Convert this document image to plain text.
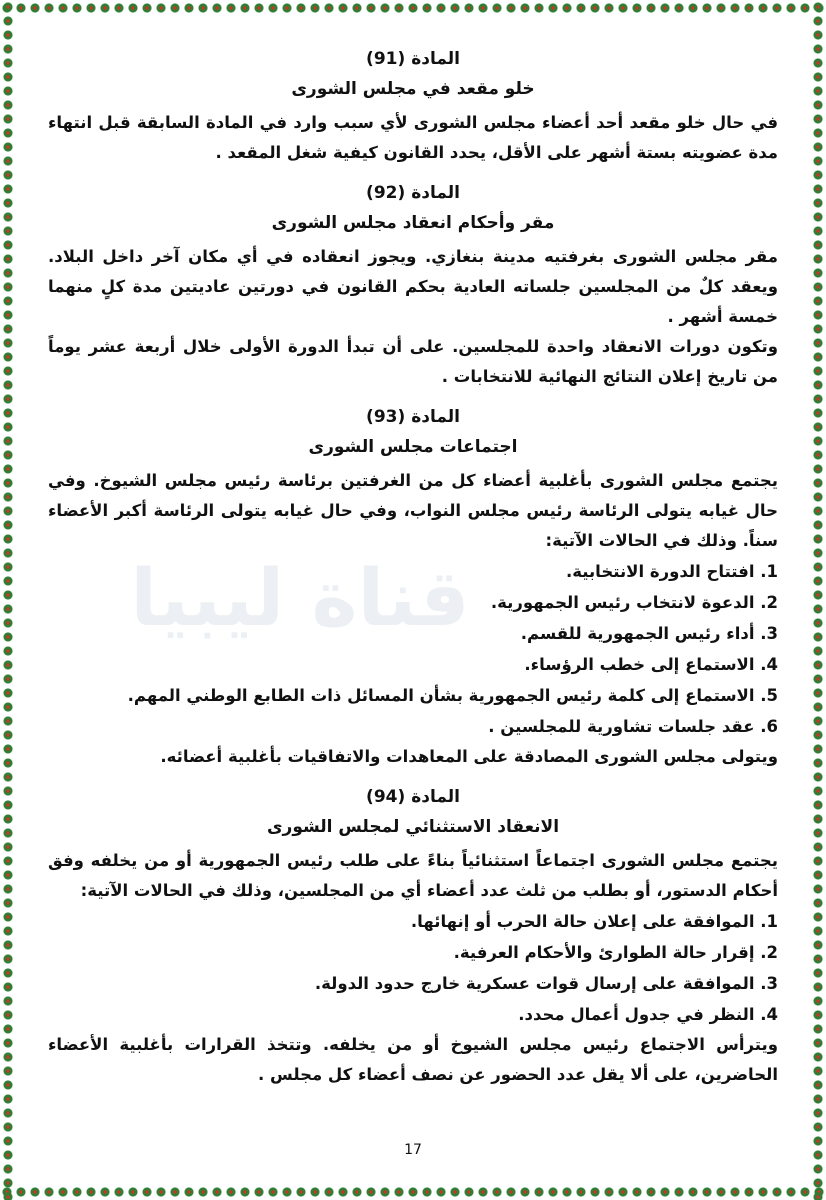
قناة ليبيا
المادة (91)
خلو مقعد في مجلس الشورى

في حال خلو مقعد أحد أعضاء مجلس الشورى لأي سبب وارد في المادة السابقة قبل انتهاء مدة عضويته بستة أشهر على الأقل، يحدد القانون كيفية شغل المقعد .

المادة (92)
مقر وأحكام انعقاد مجلس الشورى

مقر مجلس الشورى بغرفتيه مدينة بنغازي. ويجوز انعقاده في أي مكان آخر داخل البلاد. ويعقد كلٌ من المجلسين جلساته العادية بحكم القانون في دورتين عاديتين مدة كلٍ منهما خمسة أشهر .

وتكون دورات الانعقاد واحدة للمجلسين. على أن تبدأ الدورة الأولى خلال أربعة عشر يوماً من تاريخ إعلان النتائج النهائية للانتخابات .

المادة (93)
اجتماعات مجلس الشورى

يجتمع مجلس الشورى بأغلبية أعضاء كل من الغرفتين برئاسة رئيس مجلس الشيوخ. وفي حال غيابه يتولى الرئاسة رئيس مجلس النواب، وفي حال غيابه يتولى الرئاسة أكبر الأعضاء سناً. وذلك في الحالات الآتية:

1. افتتاح الدورة الانتخابية.
2. الدعوة لانتخاب رئيس الجمهورية.
3. أداء رئيس الجمهورية للقسم.
4. الاستماع إلى خطب الرؤساء.
5. الاستماع إلى كلمة رئيس الجمهورية بشأن المسائل ذات الطابع الوطني المهم.
6. عقد جلسات تشاورية للمجلسين .

ويتولى مجلس الشورى المصادقة على المعاهدات والاتفاقيات بأغلبية أعضائه.

المادة (94)
الانعقاد الاستثنائي لمجلس الشورى

يجتمع مجلس الشورى اجتماعاً استثنائياً بناءً على طلب رئيس الجمهورية أو من يخلفه وفق أحكام الدستور، أو بطلب من ثلث عدد أعضاء أي من المجلسين، وذلك في الحالات الآتية:

1. الموافقة على إعلان حالة الحرب أو إنهائها.
2. إقرار حالة الطوارئ والأحكام العرفية.
3. الموافقة على إرسال قوات عسكرية خارج حدود الدولة.
4. النظر في جدول أعمال محدد.

ويترأس الاجتماع رئيس مجلس الشيوخ أو من يخلفه. وتتخذ القرارات بأغلبية الأعضاء الحاضرين، على ألا يقل عدد الحضور عن نصف أعضاء كل مجلس .

17
